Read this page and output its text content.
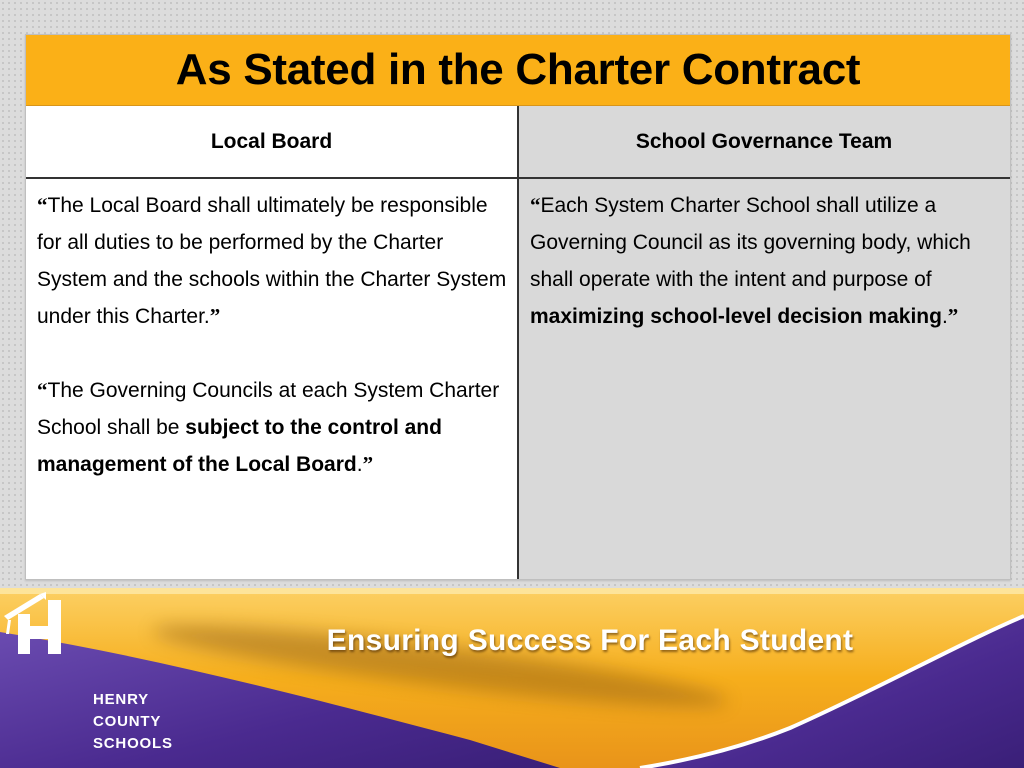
As Stated in the Charter Contract
Local Board	School Governance Team

“The Local Board shall ultimately be responsible for all duties to be performed by the Charter System and the schools within the Charter System under this Charter.”

“The Governing Councils at each System Charter School shall be subject to the control and management of the Local Board.”

“Each System Charter School shall utilize a Governing Council as its governing body, which shall operate with the intent and purpose of maximizing school-level decision making.”

Ensuring Success For Each Student
HENRY
COUNTY
SCHOOLS
